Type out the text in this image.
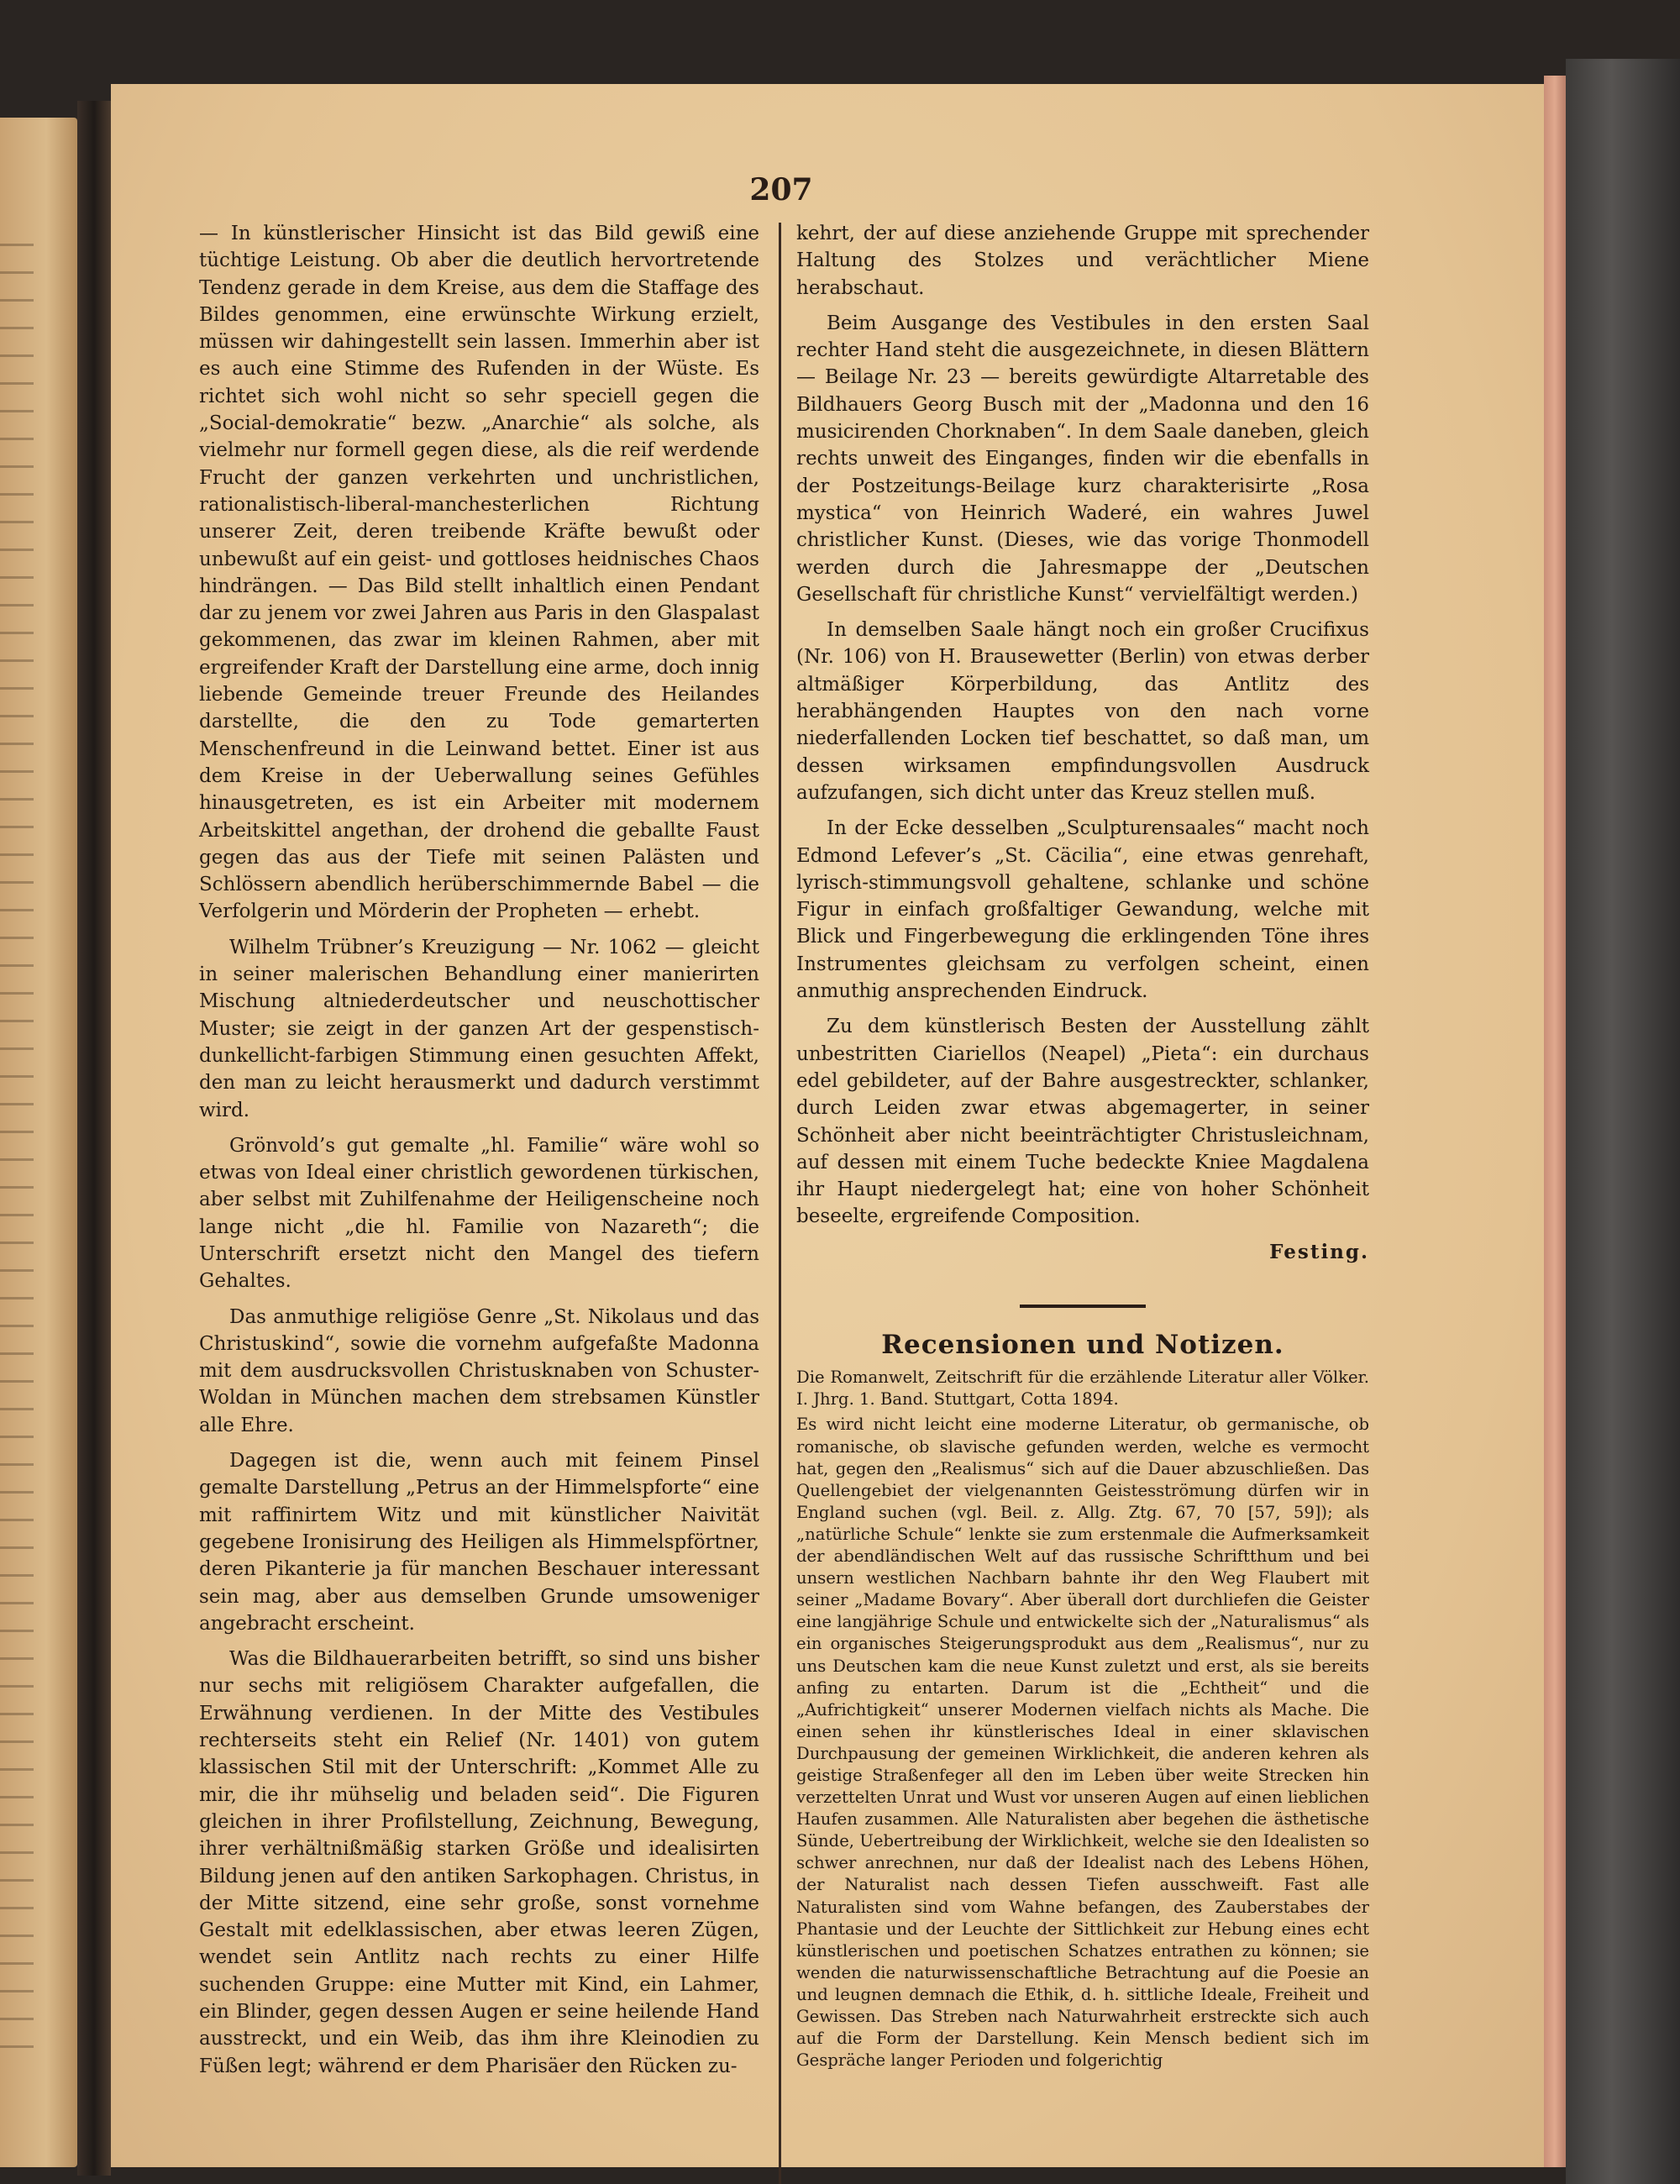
207

— In künstlerischer Hinsicht ist das Bild gewiß eine tüchtige Leistung. Ob aber die deutlich hervortretende Tendenz gerade in dem Kreise, aus dem die Staffage des Bildes genommen, eine erwünschte Wirkung erzielt, müssen wir dahingestellt sein lassen. Immerhin aber ist es auch eine Stimme des Rufenden in der Wüste. Es richtet sich wohl nicht so sehr speciell gegen die „Social-demokratie“ bezw. „Anarchie“ als solche, als vielmehr nur formell gegen diese, als die reif werdende Frucht der ganzen verkehrten und unchristlichen, rationalistisch-liberal-manchesterlichen Richtung unserer Zeit, deren treibende Kräfte bewußt oder unbewußt auf ein geist- und gottloses heidnisches Chaos hindrängen. — Das Bild stellt inhaltlich einen Pendant dar zu jenem vor zwei Jahren aus Paris in den Glaspalast gekommenen, das zwar im kleinen Rahmen, aber mit ergreifender Kraft der Darstellung eine arme, doch innig liebende Gemeinde treuer Freunde des Heilandes darstellte, die den zu Tode gemarterten Menschenfreund in die Leinwand bettet. Einer ist aus dem Kreise in der Ueberwallung seines Gefühles hinausgetreten, es ist ein Arbeiter mit modernem Arbeitskittel angethan, der drohend die geballte Faust gegen das aus der Tiefe mit seinen Palästen und Schlössern abendlich herüberschimmernde Babel — die Verfolgerin und Mörderin der Propheten — erhebt.

Wilhelm Trübner’s Kreuzigung — Nr. 1062 — gleicht in seiner malerischen Behandlung einer manierirten Mischung altniederdeutscher und neuschottischer Muster; sie zeigt in der ganzen Art der gespenstisch-dunkellicht-farbigen Stimmung einen gesuchten Affekt, den man zu leicht herausmerkt und dadurch verstimmt wird.

Grönvold’s gut gemalte „hl. Familie“ wäre wohl so etwas von Ideal einer christlich gewordenen türkischen, aber selbst mit Zuhilfenahme der Heiligenscheine noch lange nicht „die hl. Familie von Nazareth“; die Unterschrift ersetzt nicht den Mangel des tiefern Gehaltes.

Das anmuthige religiöse Genre „St. Nikolaus und das Christuskind“, sowie die vornehm aufgefaßte Madonna mit dem ausdrucksvollen Christusknaben von Schuster-Woldan in München machen dem strebsamen Künstler alle Ehre.

Dagegen ist die, wenn auch mit feinem Pinsel gemalte Darstellung „Petrus an der Himmelspforte“ eine mit raffinirtem Witz und mit künstlicher Naivität gegebene Ironisirung des Heiligen als Himmelspförtner, deren Pikanterie ja für manchen Beschauer interessant sein mag, aber aus demselben Grunde umsoweniger angebracht erscheint.

Was die Bildhauerarbeiten betrifft, so sind uns bisher nur sechs mit religiösem Charakter aufgefallen, die Erwähnung verdienen. In der Mitte des Vestibules rechterseits steht ein Relief (Nr. 1401) von gutem klassischen Stil mit der Unterschrift: „Kommet Alle zu mir, die ihr mühselig und beladen seid“. Die Figuren gleichen in ihrer Profilstellung, Zeichnung, Bewegung, ihrer verhältnißmäßig starken Größe und idealisirten Bildung jenen auf den antiken Sarkophagen. Christus, in der Mitte sitzend, eine sehr große, sonst vornehme Gestalt mit edelklassischen, aber etwas leeren Zügen, wendet sein Antlitz nach rechts zu einer Hilfe suchenden Gruppe: eine Mutter mit Kind, ein Lahmer, ein Blinder, gegen dessen Augen er seine heilende Hand ausstreckt, und ein Weib, das ihm ihre Kleinodien zu Füßen legt; während er dem Pharisäer den Rücken zu-

kehrt, der auf diese anziehende Gruppe mit sprechender Haltung des Stolzes und verächtlicher Miene herabschaut.

Beim Ausgange des Vestibules in den ersten Saal rechter Hand steht die ausgezeichnete, in diesen Blättern — Beilage Nr. 23 — bereits gewürdigte Altarretable des Bildhauers Georg Busch mit der „Madonna und den 16 musicirenden Chorknaben“. In dem Saale daneben, gleich rechts unweit des Einganges, finden wir die ebenfalls in der Postzeitungs-Beilage kurz charakterisirte „Rosa mystica“ von Heinrich Waderé, ein wahres Juwel christlicher Kunst. (Dieses, wie das vorige Thonmodell werden durch die Jahresmappe der „Deutschen Gesellschaft für christliche Kunst“ vervielfältigt werden.)

In demselben Saale hängt noch ein großer Crucifixus (Nr. 106) von H. Brausewetter (Berlin) von etwas derber altmäßiger Körperbildung, das Antlitz des herabhängenden Hauptes von den nach vorne niederfallenden Locken tief beschattet, so daß man, um dessen wirksamen empfindungsvollen Ausdruck aufzufangen, sich dicht unter das Kreuz stellen muß.

In der Ecke desselben „Sculpturensaales“ macht noch Edmond Lefever’s „St. Cäcilia“, eine etwas genrehaft, lyrisch-stimmungsvoll gehaltene, schlanke und schöne Figur in einfach großfaltiger Gewandung, welche mit Blick und Fingerbewegung die erklingenden Töne ihres Instrumentes gleichsam zu verfolgen scheint, einen anmuthig ansprechenden Eindruck.

Zu dem künstlerisch Besten der Ausstellung zählt unbestritten Ciariellos (Neapel) „Pieta“: ein durchaus edel gebildeter, auf der Bahre ausgestreckter, schlanker, durch Leiden zwar etwas abgemagerter, in seiner Schönheit aber nicht beeinträchtigter Christusleichnam, auf dessen mit einem Tuche bedeckte Kniee Magdalena ihr Haupt niedergelegt hat; eine von hoher Schönheit beseelte, ergreifende Composition.

Festing.
Recensionen und Notizen.

Die Romanwelt, Zeitschrift für die erzählende Literatur aller Völker. I. Jhrg. 1. Band. Stuttgart, Cotta 1894.

Es wird nicht leicht eine moderne Literatur, ob germanische, ob romanische, ob slavische gefunden werden, welche es vermocht hat, gegen den „Realismus“ sich auf die Dauer abzuschließen. Das Quellengebiet der vielgenannten Geistesströmung dürfen wir in England suchen (vgl. Beil. z. Allg. Ztg. 67, 70 [57, 59]); als „natürliche Schule“ lenkte sie zum erstenmale die Aufmerksamkeit der abendländischen Welt auf das russische Schriftthum und bei unsern westlichen Nachbarn bahnte ihr den Weg Flaubert mit seiner „Madame Bovary“. Aber überall dort durchliefen die Geister eine langjährige Schule und entwickelte sich der „Naturalismus“ als ein organisches Steigerungsprodukt aus dem „Realismus“, nur zu uns Deutschen kam die neue Kunst zuletzt und erst, als sie bereits anfing zu entarten. Darum ist die „Echtheit“ und die „Aufrichtigkeit“ unserer Modernen vielfach nichts als Mache. Die einen sehen ihr künstlerisches Ideal in einer sklavischen Durchpausung der gemeinen Wirklichkeit, die anderen kehren als geistige Straßenfeger all den im Leben über weite Strecken hin verzettelten Unrat und Wust vor unseren Augen auf einen lieblichen Haufen zusammen. Alle Naturalisten aber begehen die ästhetische Sünde, Uebertreibung der Wirklichkeit, welche sie den Idealisten so schwer anrechnen, nur daß der Idealist nach des Lebens Höhen, der Naturalist nach dessen Tiefen ausschweift. Fast alle Naturalisten sind vom Wahne befangen, des Zauberstabes der Phantasie und der Leuchte der Sittlichkeit zur Hebung eines echt künstlerischen und poetischen Schatzes entrathen zu können; sie wenden die naturwissenschaftliche Betrachtung auf die Poesie an und leugnen demnach die Ethik, d. h. sittliche Ideale, Freiheit und Gewissen. Das Streben nach Naturwahrheit erstreckte sich auch auf die Form der Darstellung. Kein Mensch bedient sich im Gespräche langer Perioden und folgerichtig
